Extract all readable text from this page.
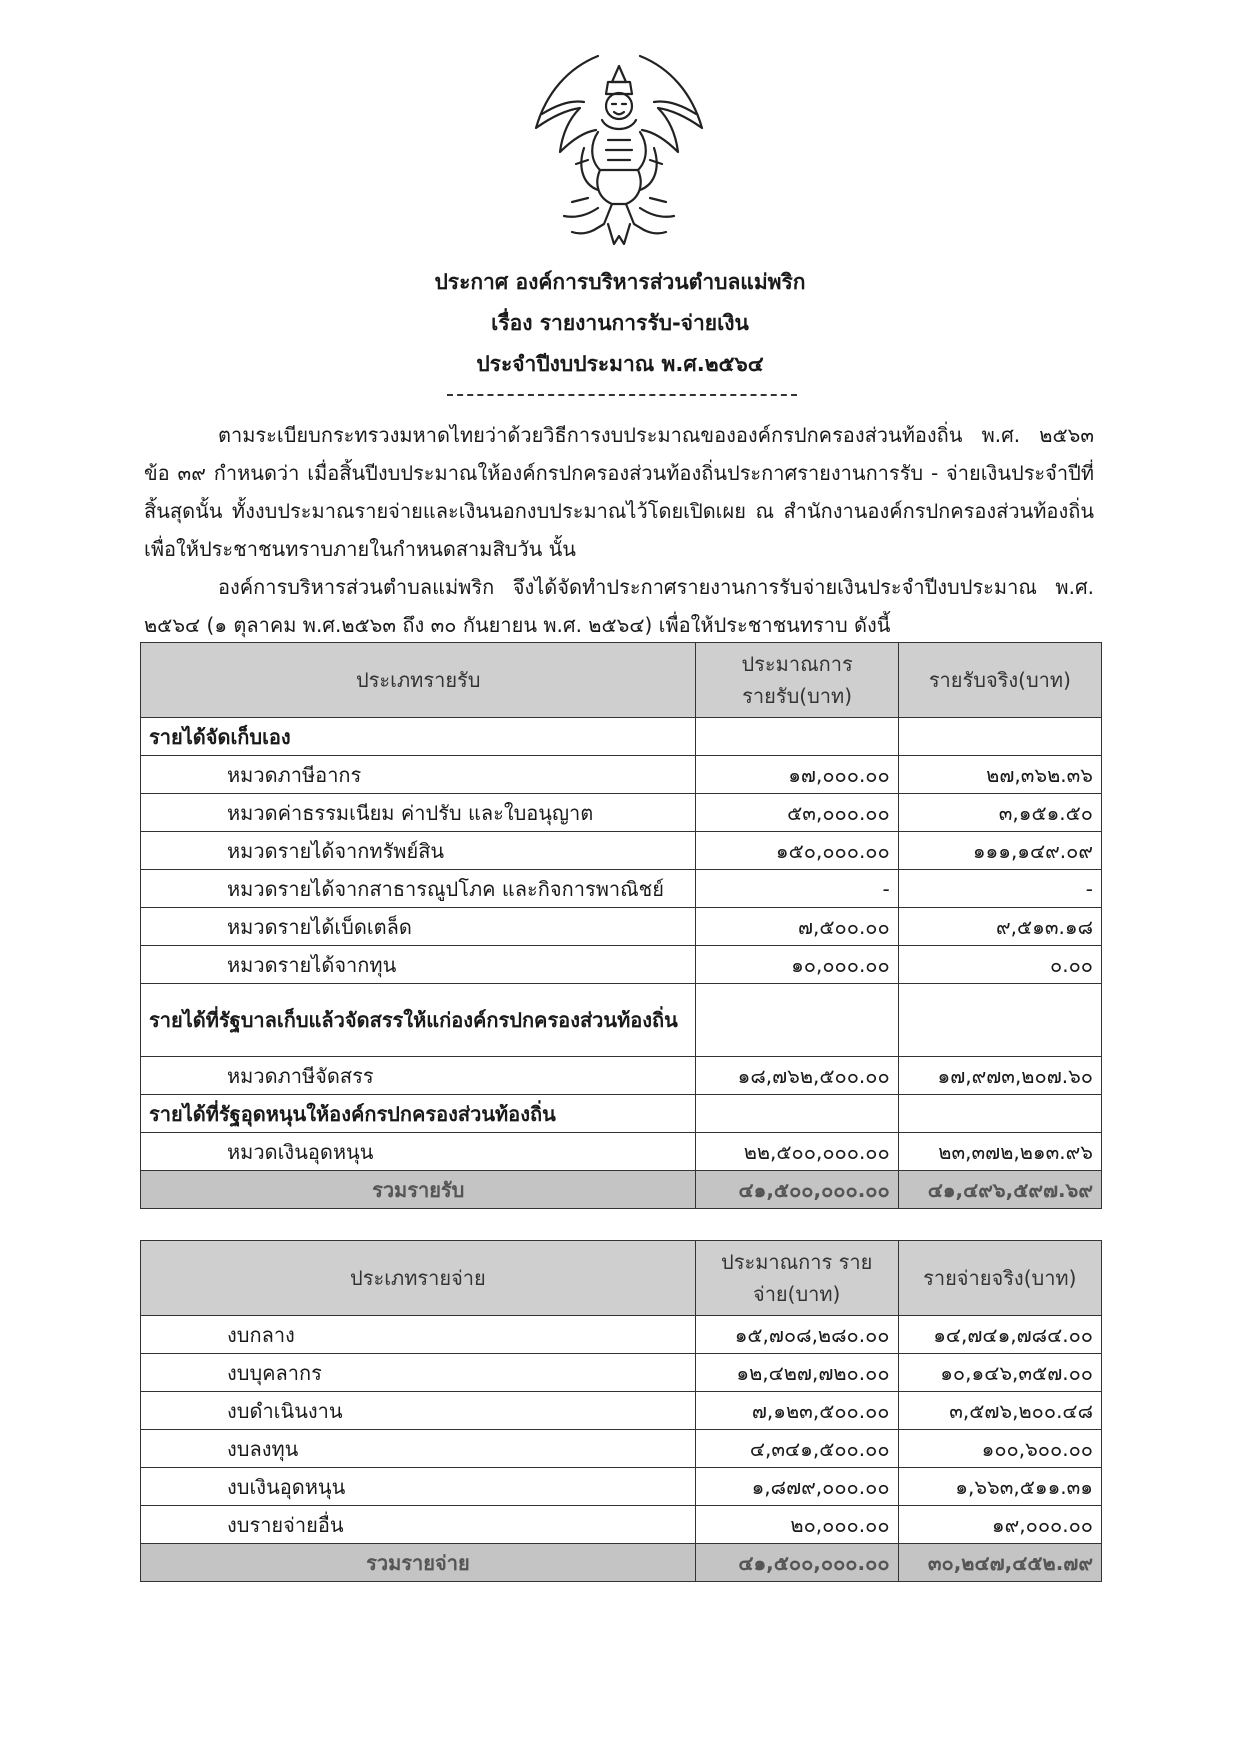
ประกาศ องค์การบริหารส่วนตำบลแม่พริก
เรื่อง รายงานการรับ-จ่ายเงิน
ประจำปีงบประมาณ พ.ศ.๒๕๖๔
ตามระเบียบกระทรวงมหาดไทยว่าด้วยวิธีการงบประมาณขององค์กรปกครองส่วนท้องถิ่น พ.ศ. ๒๕๖๓ ข้อ ๓๙ กำหนดว่า เมื่อสิ้นปีงบประมาณให้องค์กรปกครองส่วนท้องถิ่นประกาศรายงานการรับ - จ่ายเงินประจำปีที่สิ้นสุดนั้น ทั้งงบประมาณรายจ่ายและเงินนอกงบประมาณไว้โดยเปิดเผย ณ สำนักงานองค์กรปกครองส่วนท้องถิ่น เพื่อให้ประชาชนทราบภายในกำหนดสามสิบวัน นั้น
องค์การบริหารส่วนตำบลแม่พริก จึงได้จัดทำประกาศรายงานการรับจ่ายเงินประจำปีงบประมาณ พ.ศ. ๒๕๖๔ (๑ ตุลาคม พ.ศ.๒๕๖๓ ถึง ๓๐ กันยายน พ.ศ. ๒๕๖๔) เพื่อให้ประชาชนทราบ ดังนี้
ประเภทรายรับ	ประมาณการ รายรับ(บาท)	รายรับจริง(บาท)
รายได้จัดเก็บเอง		
หมวดภาษีอากร	๑๗,๐๐๐.๐๐	๒๗,๓๖๒.๓๖
หมวดค่าธรรมเนียม ค่าปรับ และใบอนุญาต	๕๓,๐๐๐.๐๐	๓,๑๕๑.๕๐
หมวดรายได้จากทรัพย์สิน	๑๕๐,๐๐๐.๐๐	๑๑๑,๑๔๙.๐๙
หมวดรายได้จากสาธารณูปโภค และกิจการพาณิชย์	-	-
หมวดรายได้เบ็ดเตล็ด	๗,๕๐๐.๐๐	๙,๕๑๓.๑๘
หมวดรายได้จากทุน	๑๐,๐๐๐.๐๐	๐.๐๐
รายได้ที่รัฐบาลเก็บแล้วจัดสรรให้แก่องค์กรปกครองส่วนท้องถิ่น		
หมวดภาษีจัดสรร	๑๘,๗๖๒,๕๐๐.๐๐	๑๗,๙๗๓,๒๐๗.๖๐
รายได้ที่รัฐอุดหนุนให้องค์กรปกครองส่วนท้องถิ่น		
หมวดเงินอุดหนุน	๒๒,๕๐๐,๐๐๐.๐๐	๒๓,๓๗๒,๒๑๓.๙๖
รวมรายรับ	๔๑,๕๐๐,๐๐๐.๐๐	๔๑,๔๙๖,๕๙๗.๖๙
ประเภทรายจ่าย	ประมาณการ รายจ่าย(บาท)	รายจ่ายจริง(บาท)
งบกลาง	๑๕,๗๐๘,๒๘๐.๐๐	๑๔,๗๔๑,๗๘๔.๐๐
งบบุคลากร	๑๒,๔๒๗,๗๒๐.๐๐	๑๐,๑๔๖,๓๕๗.๐๐
งบดำเนินงาน	๗,๑๒๓,๕๐๐.๐๐	๓,๕๗๖,๒๐๐.๔๘
งบลงทุน	๔,๓๔๑,๕๐๐.๐๐	๑๐๐,๖๐๐.๐๐
งบเงินอุดหนุน	๑,๘๗๙,๐๐๐.๐๐	๑,๖๖๓,๕๑๑.๓๑
งบรายจ่ายอื่น	๒๐,๐๐๐.๐๐	๑๙,๐๐๐.๐๐
รวมรายจ่าย	๔๑,๕๐๐,๐๐๐.๐๐	๓๐,๒๔๗,๔๕๒.๗๙
